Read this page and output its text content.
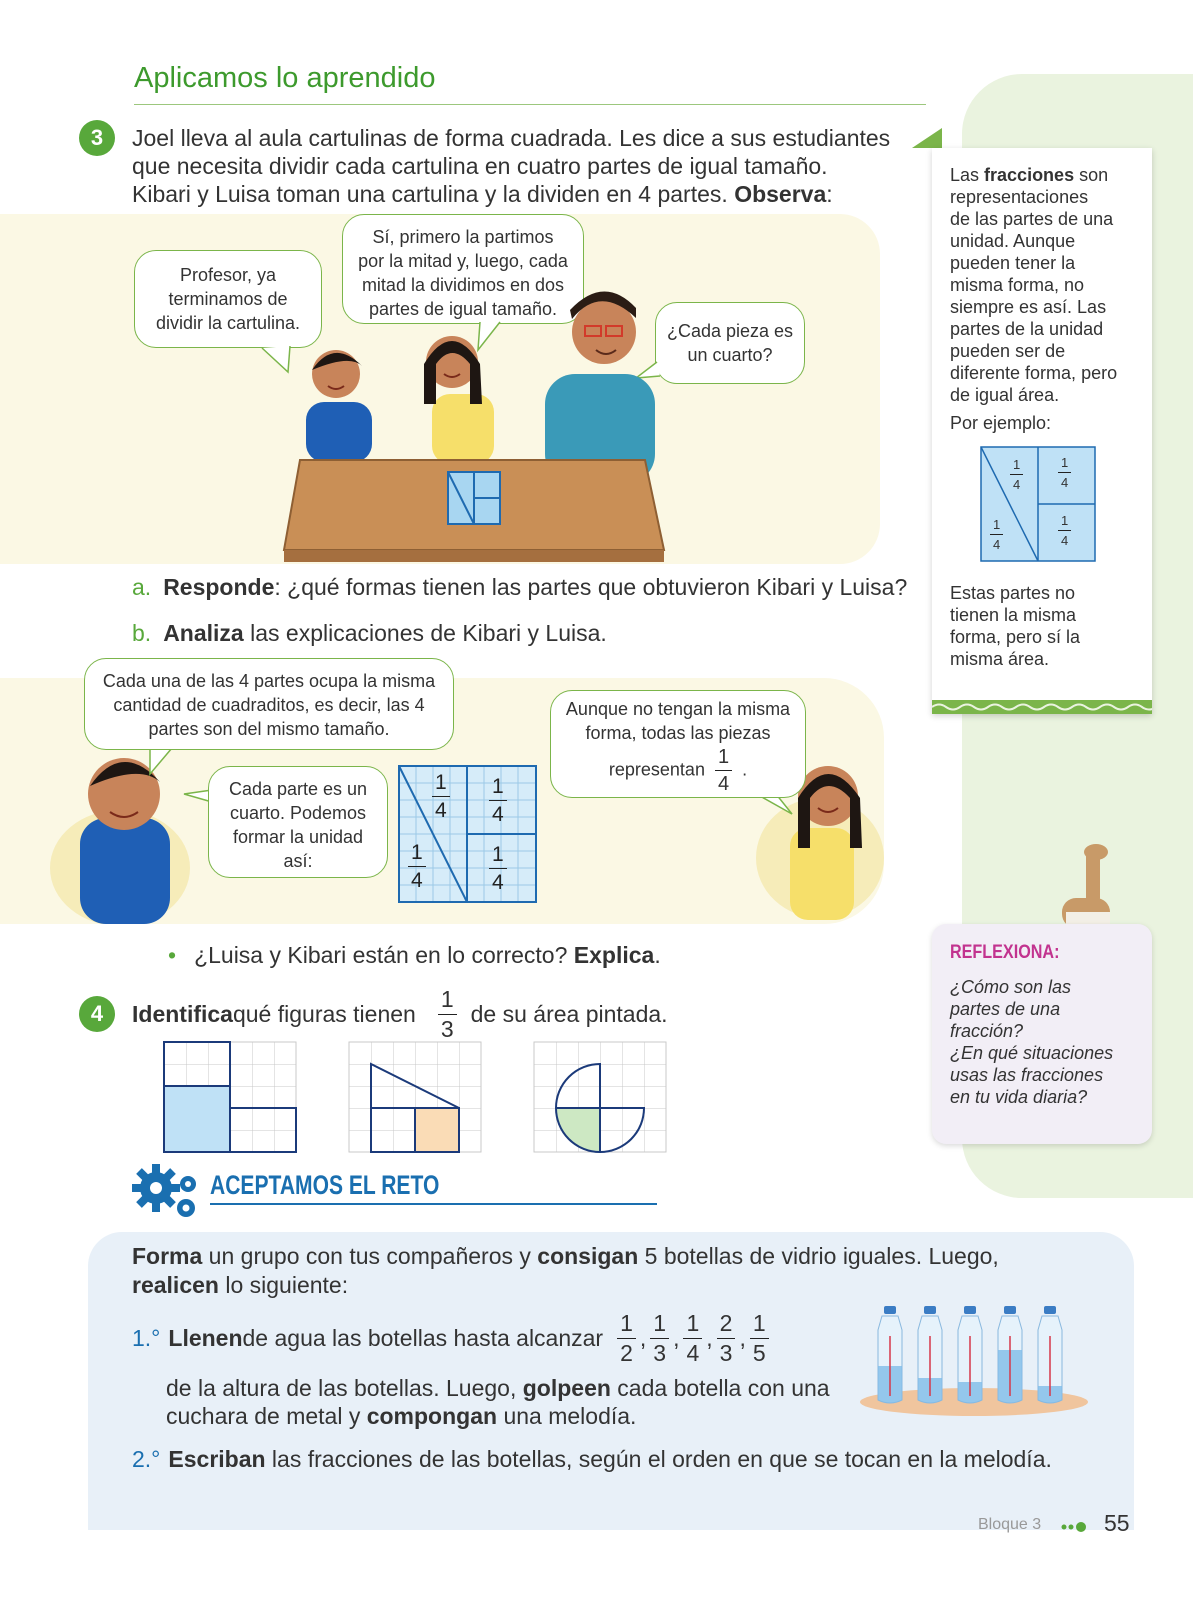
Aplicamos lo aprendido
3	Joel lleva al aula cartulinas de forma cuadrada. Les dice a sus estudiantes
que necesita dividir cada cartulina en cuatro partes de igual tamaño.
Kibari y Luisa toman una cartulina y la dividen en 4 partes. Observa:
Profesor, ya
terminamos de
dividir la cartulina.
Sí, primero la partimos
por la mitad y, luego, cada
mitad la dividimos en dos
partes de igual tamaño.
¿Cada pieza es
un cuarto?
a. Responde: ¿qué formas tienen las partes que obtuvieron Kibari y Luisa?
b. Analiza las explicaciones de Kibari y Luisa.
$\frac{1}{4} \frac{1}{4}$
$\frac{1}{4}$	$\frac{1}{4}$
Cada una de las 4 partes ocupa la misma
cantidad de cuadraditos, es decir, las 4
partes son del mismo tamaño.
Cada parte es un
cuarto. Podemos
formar la unidad
así:
Aunque no tengan la misma
forma, todas las piezas
representan $\frac{1}{4}$ .
• ¿Luisa y Kibari están en lo correcto? Explica.
4	Identifica qué figuras tienen $\frac{1}{3}$ de su área pintada.
Las fracciones son
representaciones
de las partes de una
unidad. Aunque
pueden tener la
misma forma, no
siempre es así. Las
partes de la unidad
pueden ser de
diferente forma, pero
de igual área.
Por ejemplo:
$\frac{1}{4}$	$\frac{1}{4}$
$\frac{1}{4}$	$\frac{1}{4}$
Estas partes no
tienen la misma
forma, pero sí la
misma área.
REFLEXIONA:
¿Cómo son las
partes de una
fracción?
¿En qué situaciones
usas las fracciones
en tu vida diaria?
ACEPTAMOS EL RETO
Forma un grupo con tus compañeros y consigan 5 botellas de vidrio iguales. Luego,
realicen lo siguiente:
1.° Llenen de agua las botellas hasta alcanzar $\frac{1}{2}$ , $\frac{1}{3}$ , $\frac{1}{4}$ , $\frac{2}{3}$ , $\frac{1}{5}$
de la altura de las botellas. Luego, golpeen cada botella con una
cuchara de metal y compongan una melodía.
2.° Escriban las fracciones de las botellas, según el orden en que se tocan en la melodía.
Bloque 3	55
